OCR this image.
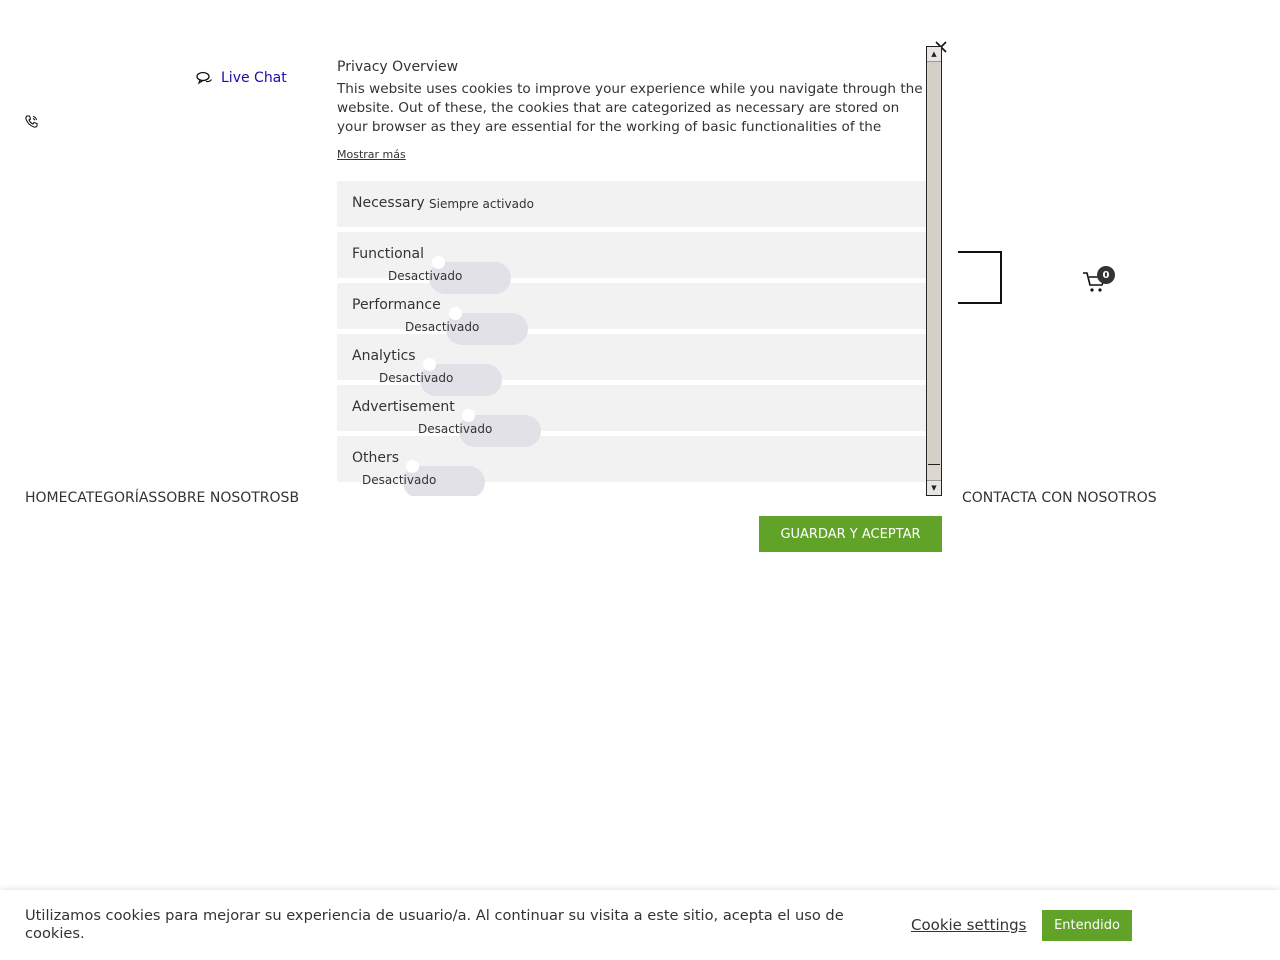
Live Chat
0
HOMECATEGORÍASSOBRE NOSOTROSB	CONTACTA CON NOSOTROS
Privacy Overview

This website uses cookies to improve your experience while you navigate through the website. Out of these, the cookies that are categorized as necessary are stored on your browser as they are essential for the working of basic functionalities of the

Mostrar más
Necessary Siempre activado
Functional
Desactivado
Performance
Desactivado
Analytics
Desactivado
Advertisement
Desactivado
Others
Desactivado
▲
▼
GUARDAR Y ACEPTAR

Utilizamos cookies para mejorar su experiencia de usuario/a. Al continuar su visita a este sitio, acepta el uso de cookies.	Cookie settings	Entendido
